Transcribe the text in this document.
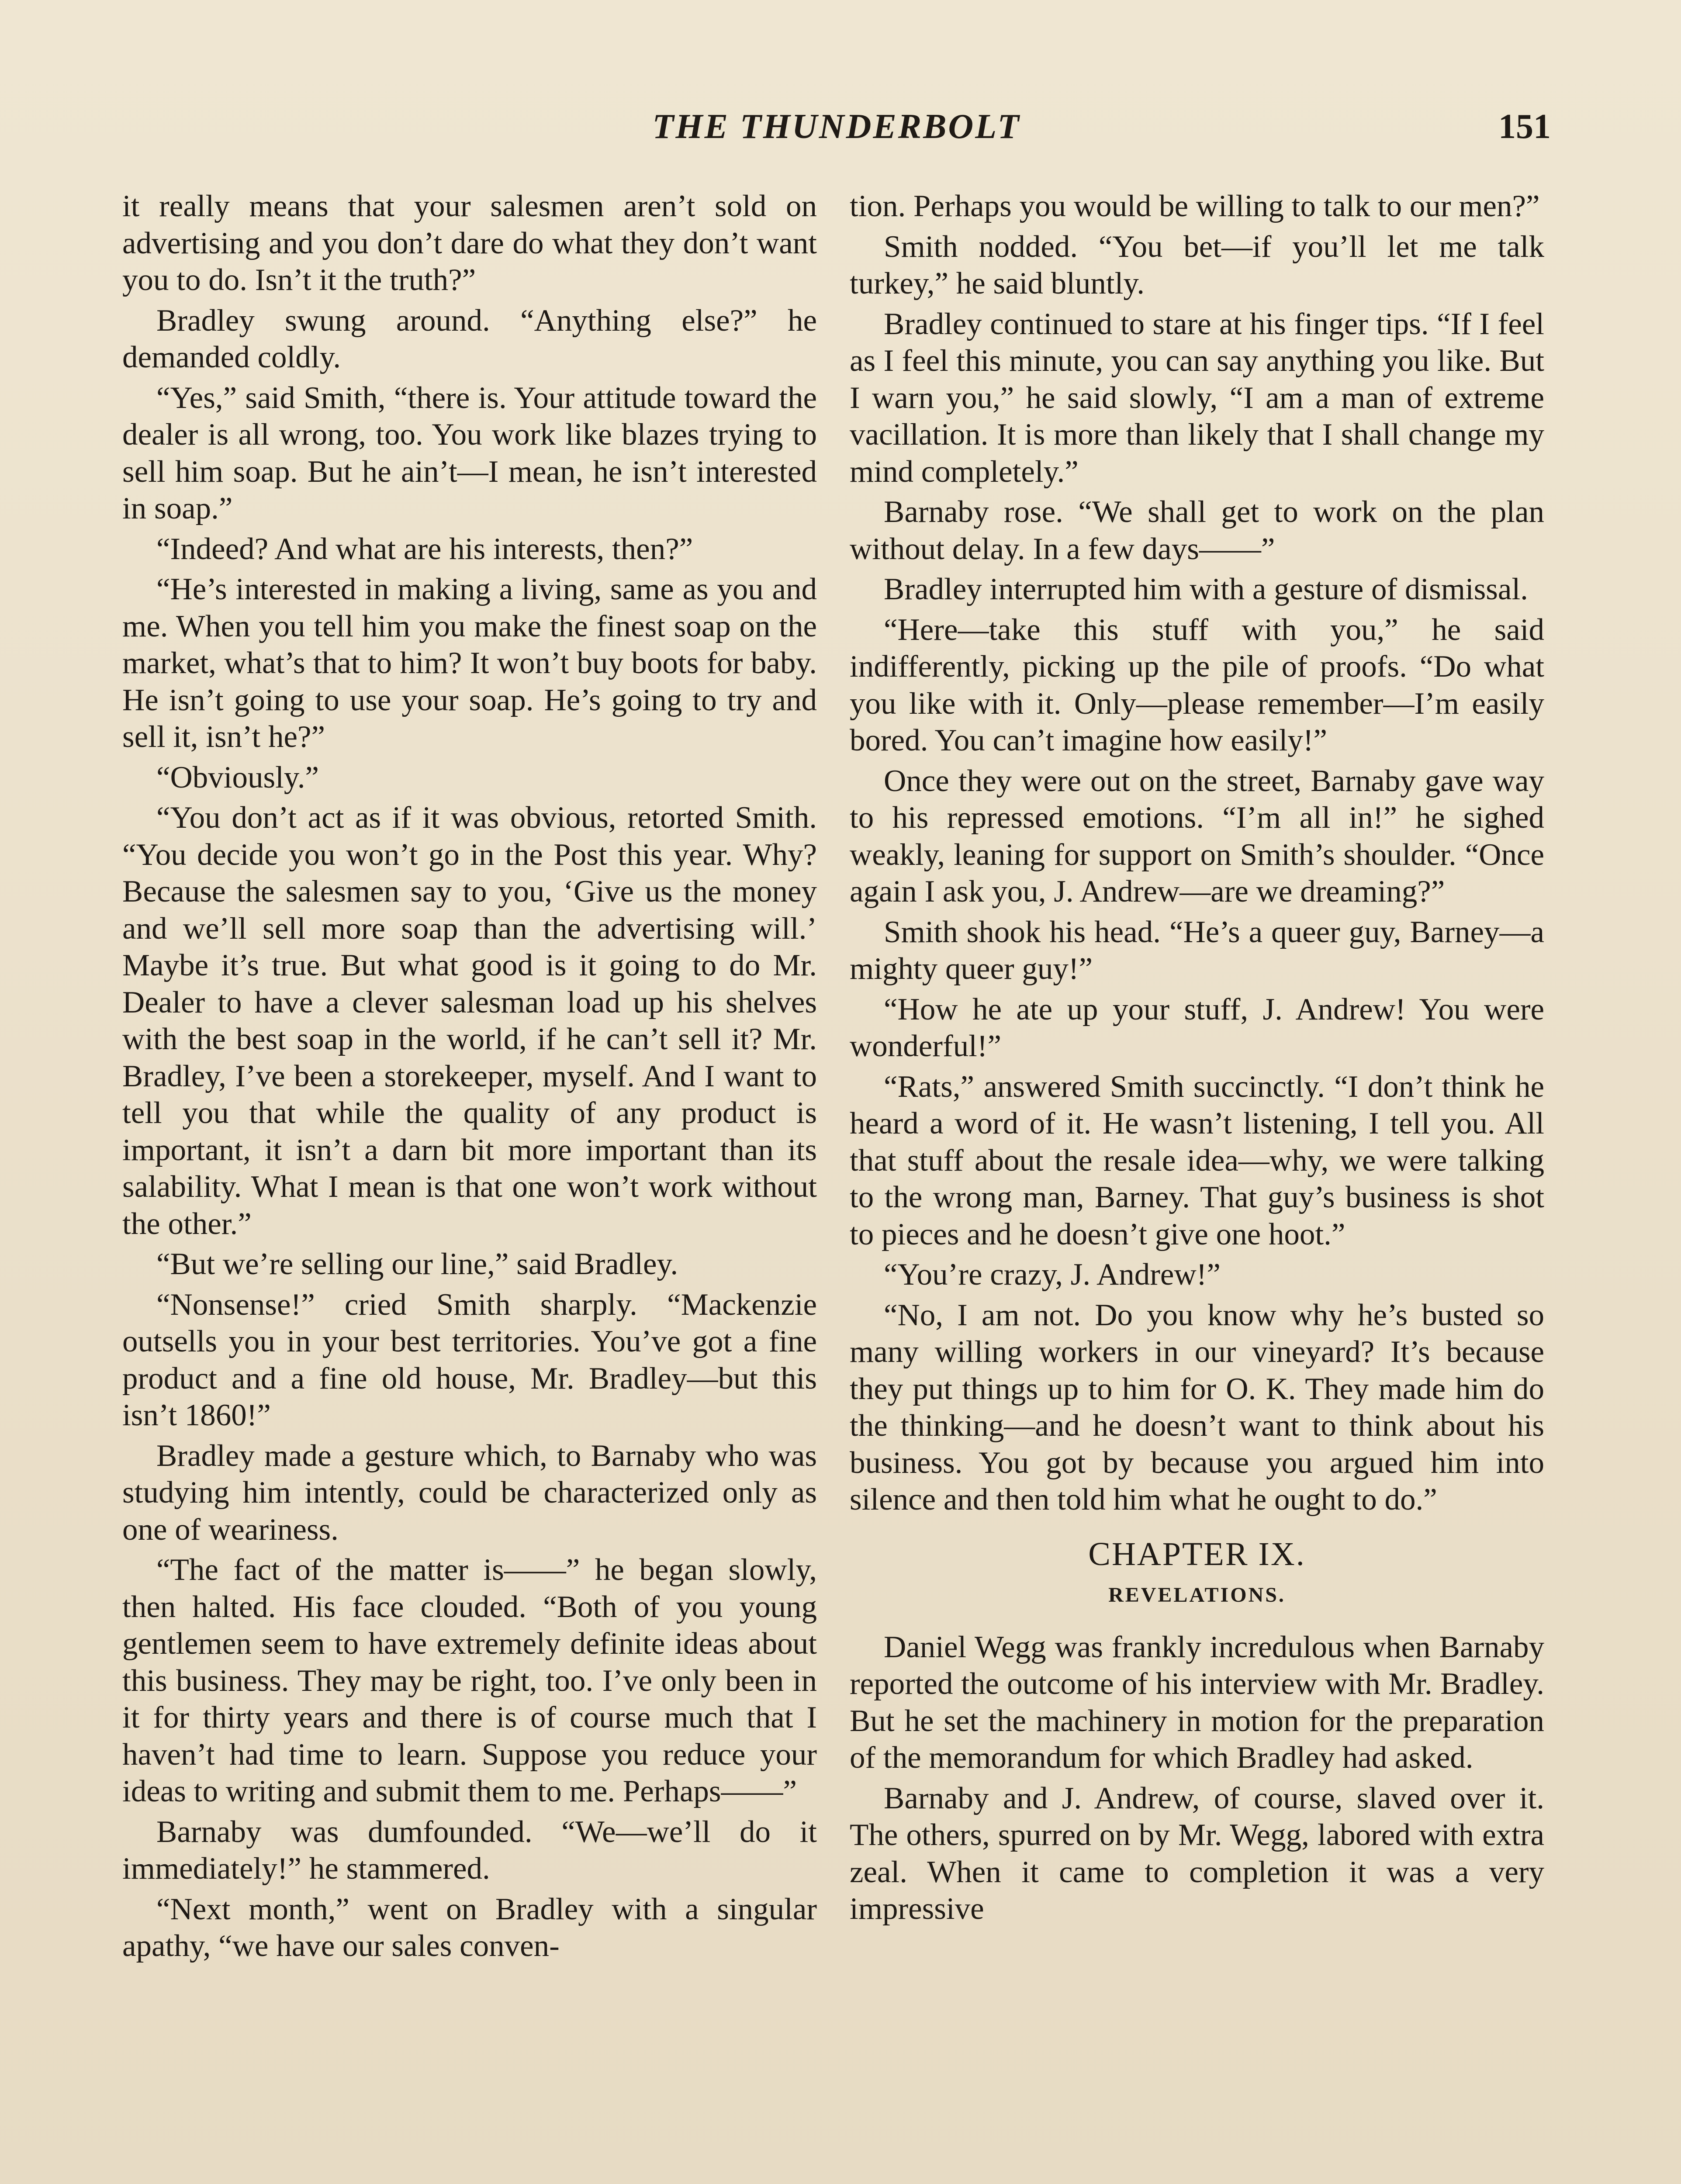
THE THUNDERBOLT	151

it really means that your salesmen aren’t sold on advertising and you don’t dare do what they don’t want you to do. Isn’t it the truth?”

Bradley swung around. “Anything else?” he demanded coldly.

“Yes,” said Smith, “there is. Your attitude toward the dealer is all wrong, too. You work like blazes trying to sell him soap. But he ain’t—I mean, he isn’t interested in soap.”

“Indeed? And what are his interests, then?”

“He’s interested in making a living, same as you and me. When you tell him you make the finest soap on the market, what’s that to him? It won’t buy boots for baby. He isn’t going to use your soap. He’s going to try and sell it, isn’t he?”

“Obviously.”

“You don’t act as if it was obvious, retorted Smith. “You decide you won’t go in the Post this year. Why? Because the salesmen say to you, ‘Give us the money and we’ll sell more soap than the advertising will.’ Maybe it’s true. But what good is it going to do Mr. Dealer to have a clever salesman load up his shelves with the best soap in the world, if he can’t sell it? Mr. Bradley, I’ve been a storekeeper, myself. And I want to tell you that while the quality of any product is important, it isn’t a darn bit more important than its salability. What I mean is that one won’t work without the other.”

“But we’re selling our line,” said Bradley.

“Nonsense!” cried Smith sharply. “Mackenzie outsells you in your best territories. You’ve got a fine product and a fine old house, Mr. Bradley—but this isn’t 1860!”

Bradley made a gesture which, to Barnaby who was studying him intently, could be characterized only as one of weariness.

“The fact of the matter is——” he began slowly, then halted. His face clouded. “Both of you young gentlemen seem to have extremely definite ideas about this business. They may be right, too. I’ve only been in it for thirty years and there is of course much that I haven’t had time to learn. Suppose you reduce your ideas to writing and submit them to me. Perhaps——”

Barnaby was dumfounded. “We—we’ll do it immediately!” he stammered.

“Next month,” went on Bradley with a singular apathy, “we have our sales conven-

tion. Perhaps you would be willing to talk to our men?”

Smith nodded. “You bet—if you’ll let me talk turkey,” he said bluntly.

Bradley continued to stare at his finger tips. “If I feel as I feel this minute, you can say anything you like. But I warn you,” he said slowly, “I am a man of extreme vacillation. It is more than likely that I shall change my mind completely.”

Barnaby rose. “We shall get to work on the plan without delay. In a few days——”

Bradley interrupted him with a gesture of dismissal.

“Here—take this stuff with you,” he said indifferently, picking up the pile of proofs. “Do what you like with it. Only—please remember—I’m easily bored. You can’t imagine how easily!”

Once they were out on the street, Barnaby gave way to his repressed emotions. “I’m all in!” he sighed weakly, leaning for support on Smith’s shoulder. “Once again I ask you, J. Andrew—are we dreaming?”

Smith shook his head. “He’s a queer guy, Barney—a mighty queer guy!”

“How he ate up your stuff, J. Andrew! You were wonderful!”

“Rats,” answered Smith succinctly. “I don’t think he heard a word of it. He wasn’t listening, I tell you. All that stuff about the resale idea—why, we were talking to the wrong man, Barney. That guy’s business is shot to pieces and he doesn’t give one hoot.”

“You’re crazy, J. Andrew!”

“No, I am not. Do you know why he’s busted so many willing workers in our vineyard? It’s because they put things up to him for O. K. They made him do the thinking—and he doesn’t want to think about his business. You got by because you argued him into silence and then told him what he ought to do.”

CHAPTER IX.
REVELATIONS.

Daniel Wegg was frankly incredulous when Barnaby reported the outcome of his interview with Mr. Bradley. But he set the machinery in motion for the preparation of the memorandum for which Bradley had asked.

Barnaby and J. Andrew, of course, slaved over it. The others, spurred on by Mr. Wegg, labored with extra zeal. When it came to completion it was a very impressive
